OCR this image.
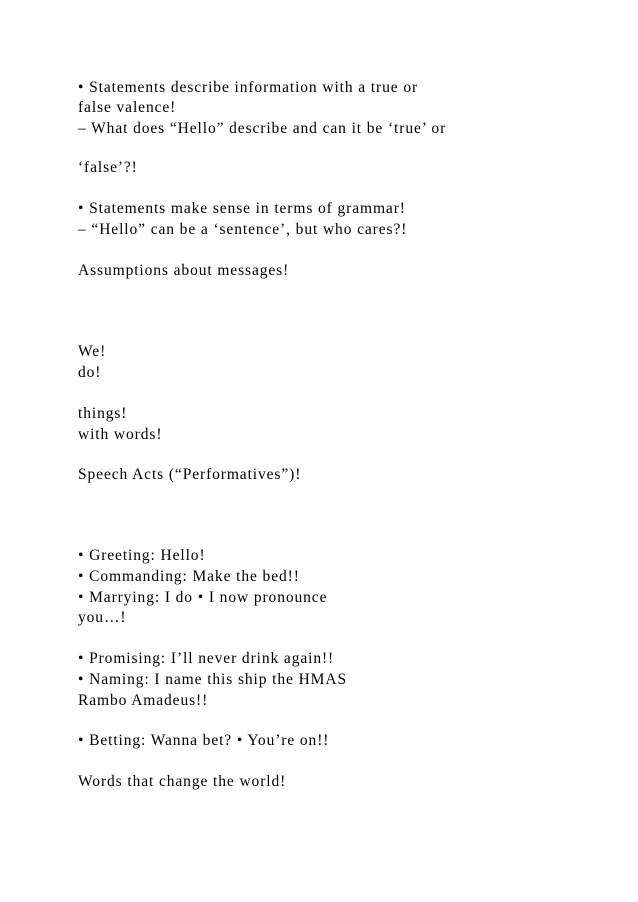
• Statements describe information with a true or

false valence!

– What does “Hello” describe and can it be ‘true’ or

‘false’?!

• Statements make sense in terms of grammar!

– “Hello” can be a ‘sentence’, but who cares?!

Assumptions about messages!

We!

do!

things!

with words!

Speech Acts (“Performatives”)!

• Greeting: Hello!

• Commanding: Make the bed!!

• Marrying: I do • I now pronounce

you…!

• Promising: I’ll never drink again!!

• Naming: I name this ship the HMAS

Rambo Amadeus!!

• Betting: Wanna bet? • You’re on!!

Words that change the world!
